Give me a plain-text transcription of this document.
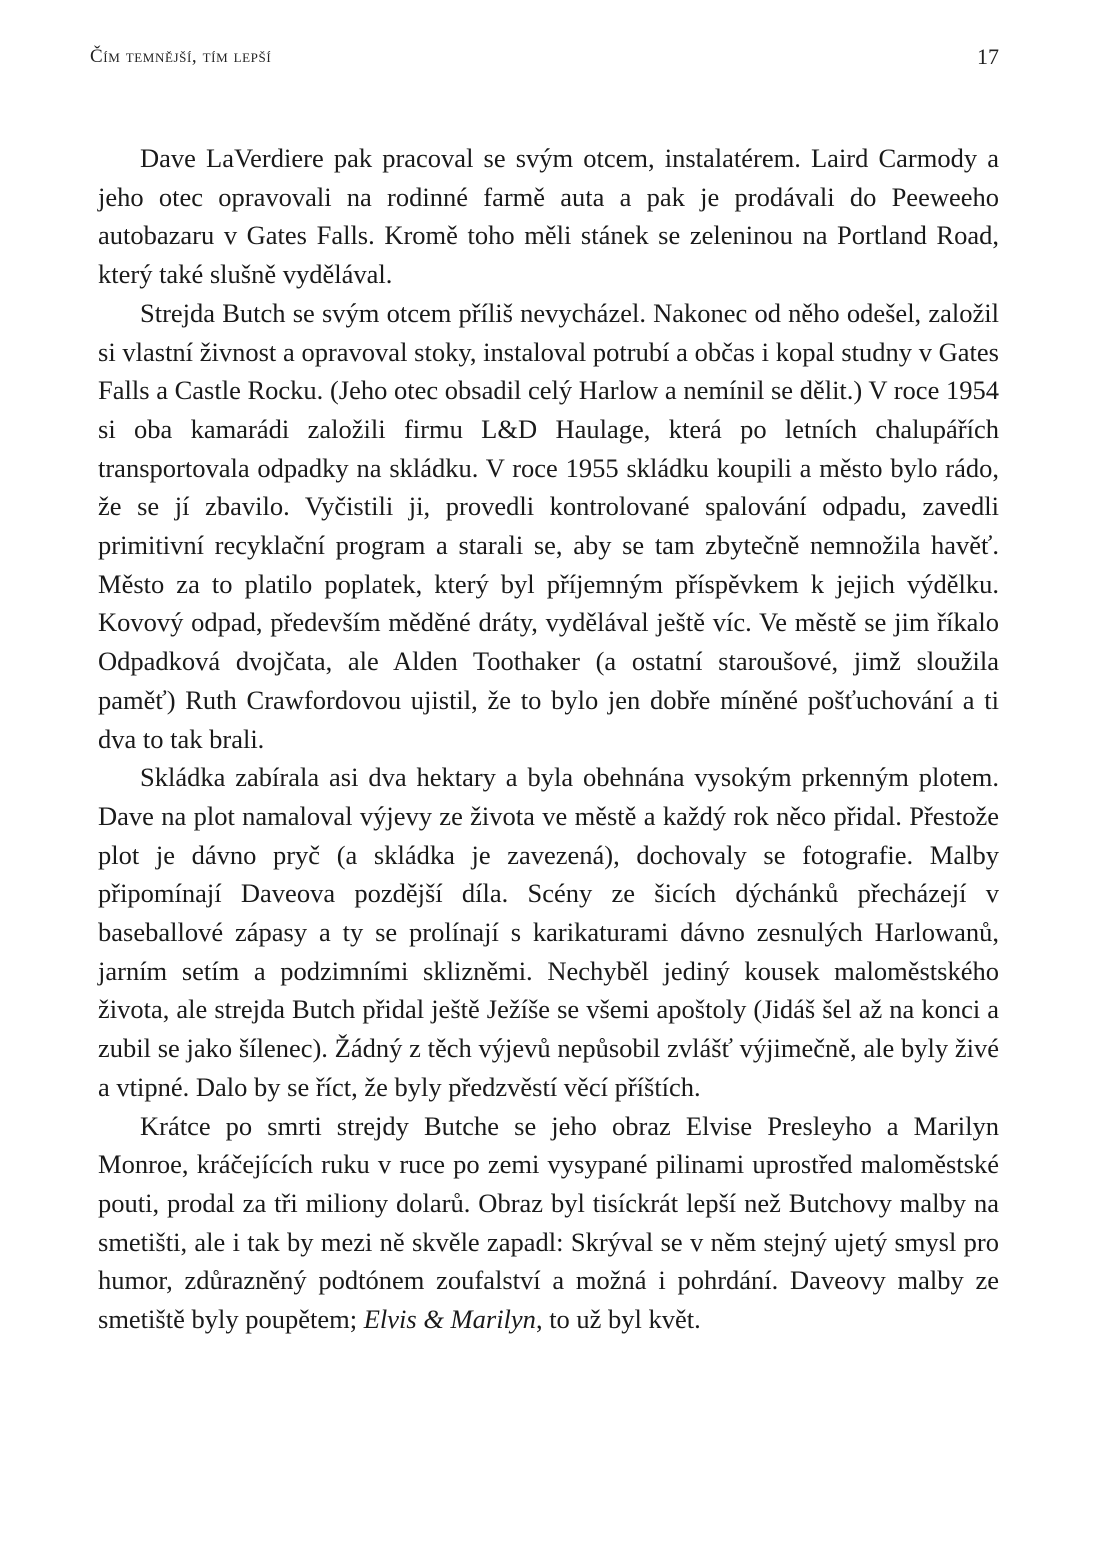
Čím temnější, tím lepší	17

Dave LaVerdiere pak pracoval se svým otcem, instalatérem. Laird Carmody a jeho otec opravovali na rodinné farmě auta a pak je prodávali do Peeweeho autobazaru v Gates Falls. Kromě toho měli stánek se zeleninou na Portland Road, který také slušně vydělával.

Strejda Butch se svým otcem příliš nevycházel. Nakonec od něho odešel, založil si vlastní živnost a opravoval stoky, instaloval potrubí a občas i kopal studny v Gates Falls a Castle Rocku. (Jeho otec obsadil celý Harlow a nemínil se dělit.) V roce 1954 si oba kamarádi založili firmu L&D Haulage, která po letních chalupářích transportovala odpadky na skládku. V roce 1955 skládku koupili a město bylo rádo, že se jí zbavilo. Vyčistili ji, provedli kontrolované spalování odpadu, zavedli primitivní recyklační program a starali se, aby se tam zbytečně nemnožila havěť. Město za to platilo poplatek, který byl příjemným příspěvkem k jejich výdělku. Kovový odpad, především měděné dráty, vydělával ještě víc. Ve městě se jim říkalo Odpadková dvojčata, ale Alden Toothaker (a ostatní staroušové, jimž sloužila paměť) Ruth Crawfordovou ujistil, že to bylo jen dobře míněné pošťuchování a ti dva to tak brali.

Skládka zabírala asi dva hektary a byla obehnána vysokým prkenným plotem. Dave na plot namaloval výjevy ze života ve městě a každý rok něco přidal. Přestože plot je dávno pryč (a skládka je zavezená), dochovaly se fotografie. Malby připomínají Daveova pozdější díla. Scény ze šicích dýchánků přecházejí v baseballové zápasy a ty se prolínají s karikaturami dávno zesnulých Harlowanů, jarním setím a podzimními sklizněmi. Nechyběl jediný kousek maloměstského života, ale strejda Butch přidal ještě Ježíše se všemi apoštoly (Jidáš šel až na konci a zubil se jako šílenec). Žádný z těch výjevů nepůsobil zvlášť výjimečně, ale byly živé a vtipné. Dalo by se říct, že byly předzvěstí věcí příštích.

Krátce po smrti strejdy Butche se jeho obraz Elvise Presleyho a Marilyn Monroe, kráčejících ruku v ruce po zemi vysypané pilinami uprostřed maloměstské pouti, prodal za tři miliony dolarů. Obraz byl tisíckrát lepší než Butchovy malby na smetišti, ale i tak by mezi ně skvěle zapadl: Skrýval se v něm stejný ujetý smysl pro humor, zdůrazněný podtónem zoufalství a možná i pohrdání. Daveovy malby ze smetiště byly poupětem; Elvis & Marilyn, to už byl květ.
